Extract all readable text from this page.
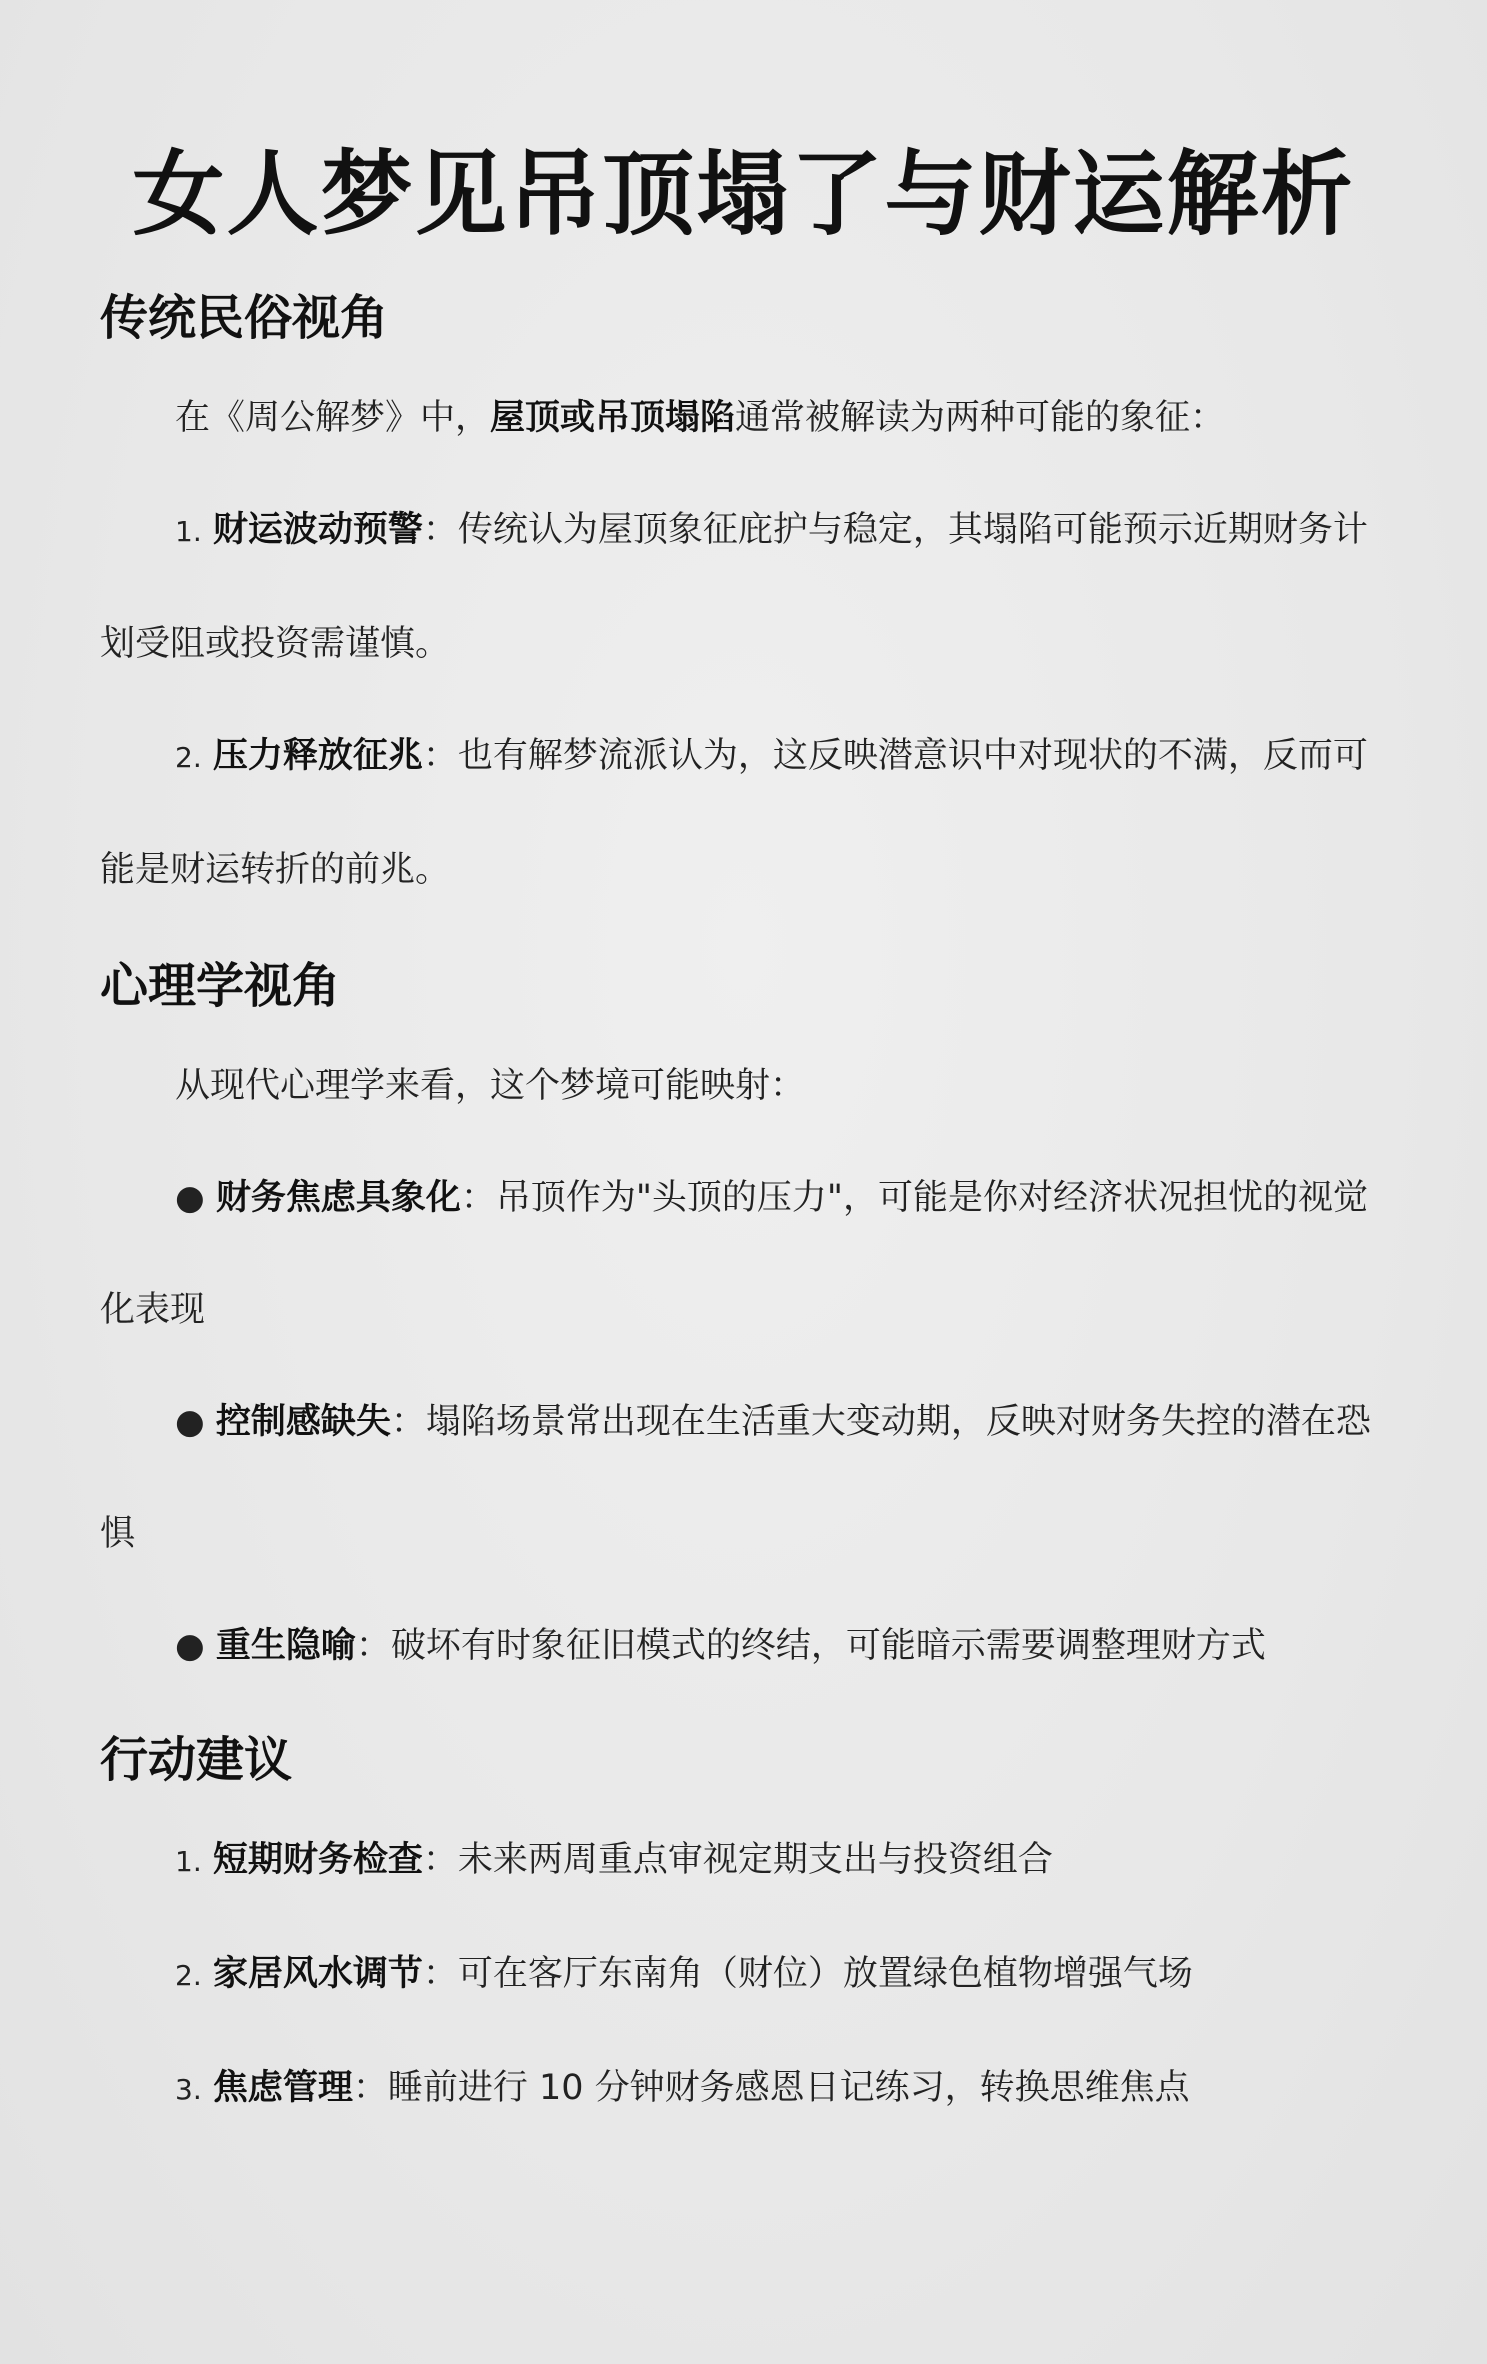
女人梦见吊顶塌了与财运解析
传统民俗视角

在《周公解梦》中，屋顶或吊顶塌陷通常被解读为两种可能的象征：

1. 财运波动预警：传统认为屋顶象征庇护与稳定，其塌陷可能预示近期财务计划受阻或投资需谨慎。

2. 压力释放征兆：也有解梦流派认为，这反映潜意识中对现状的不满，反而可能是财运转折的前兆。

心理学视角

从现代心理学来看，这个梦境可能映射：

● 财务焦虑具象化：吊顶作为"头顶的压力"，可能是你对经济状况担忧的视觉化表现

● 控制感缺失：塌陷场景常出现在生活重大变动期，反映对财务失控的潜在恐惧

● 重生隐喻：破坏有时象征旧模式的终结，可能暗示需要调整理财方式

行动建议

1. 短期财务检查：未来两周重点审视定期支出与投资组合

2. 家居风水调节：可在客厅东南角（财位）放置绿色植物增强气场

3. 焦虑管理：睡前进行 10 分钟财务感恩日记练习，转换思维焦点
